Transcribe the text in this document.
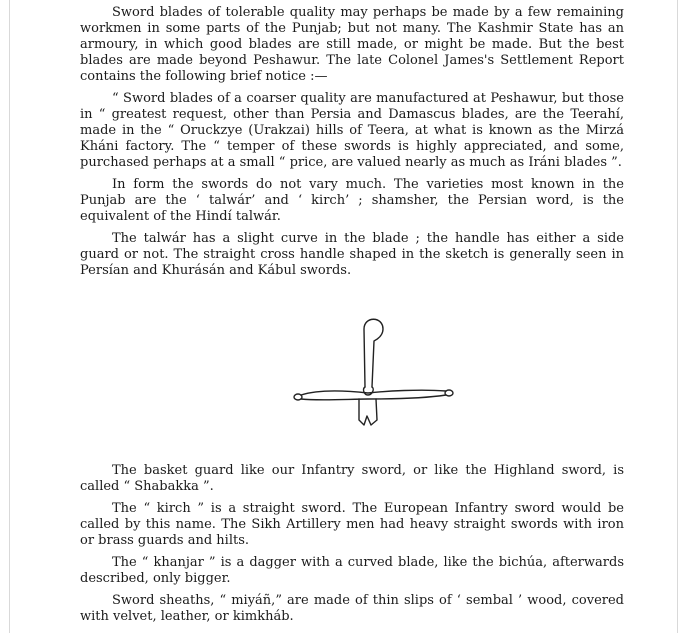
Sword blades of tolerable quality may perhaps be made by a few remaining workmen in some parts of the Punjab; but not many. The Kashmir State has an armoury, in which good blades are still made, or might be made. But the best blades are made beyond Peshawur. The late Colonel James's Settlement Report contains the following brief notice :—

“ Sword blades of a coarser quality are manufactured at Peshawur, but those in “ greatest request, other than Persia and Damascus blades, are the Teerahí, made in the “ Oruckzye (Urakzai) hills of Teera, at what is known as the Mirzá Kháni factory. The “ temper of these swords is highly appreciated, and some, purchased perhaps at a small “ price, are valued nearly as much as Iráni blades ”.

In form the swords do not vary much. The varieties most known in the Punjab are the ‘ talwár’ and ‘ kirch’ ; shamsher, the Persian word, is the equivalent of the Hindí talwár.

The talwár has a slight curve in the blade ; the handle has either a side guard or not. The straight cross handle shaped in the sketch is generally seen in Persían and Khurásán and Kábul swords.

The basket guard like our Infantry sword, or like the Highland sword, is called “ Shabakka ”.

The “ kirch ” is a straight sword. The European Infantry sword would be called by this name. The Sikh Artillery men had heavy straight swords with iron or brass guards and hilts.

The “ khanjar ” is a dagger with a curved blade, like the bichúa, afterwards described, only bigger.

Sword sheaths, “ miyáñ,” are made of thin slips of ‘ sembal ’ wood, covered with velvet, leather, or kimkháb.
